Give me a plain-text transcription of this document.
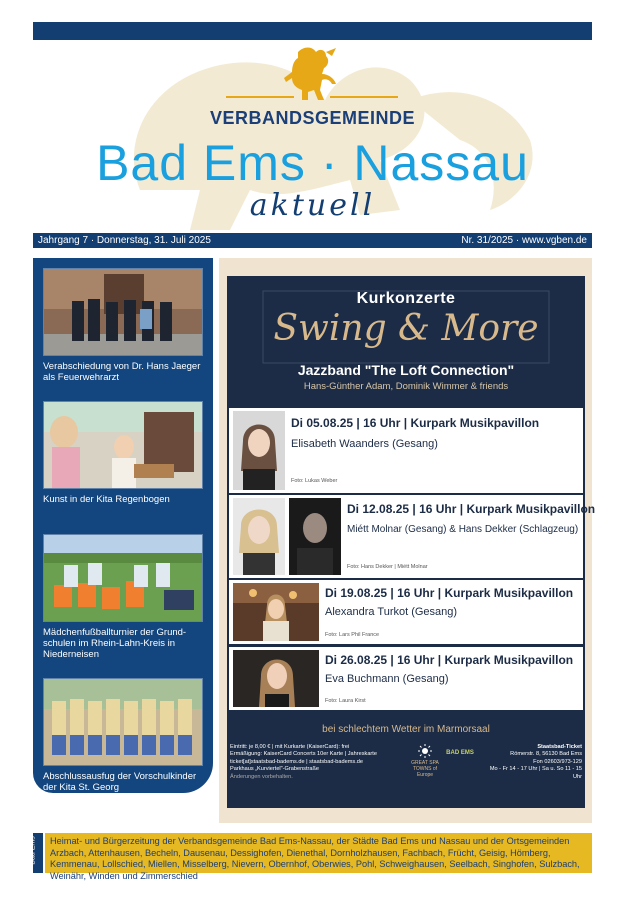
VERBANDSGEMEINDE
Bad Ems · Nassau
aktuell
Jahrgang 7 · Donnerstag, 31. Juli 2025	Nr. 31/2025 · www.vgben.de
Verabschiedung von Dr. Hans Jaeger als Feuerwehrarzt
Kunst in der Kita Regenbogen
Mädchenfußballturnier der Grund-schulen im Rhein-Lahn-Kreis in Niederneisen
Abschlussausfug der Vorschulkinder der Kita St. Georg
Kurkonzerte
Swing & More
Jazzband "The Loft Connection"
Hans-Günther Adam, Dominik Wimmer & friends
Di 05.08.25 | 16 Uhr | Kurpark Musikpavillon
Elisabeth Waanders (Gesang)
Foto: Lukas Weber
Di 12.08.25 | 16 Uhr | Kurpark Musikpavillon
Miétt Molnar (Gesang) & Hans Dekker (Schlagzeug)
Foto: Hans Dekker | Miétt Molnar
Di 19.08.25 | 16 Uhr | Kurpark Musikpavillon
Alexandra Turkot (Gesang)
Foto: Lars Phil France
Di 26.08.25 | 16 Uhr | Kurpark Musikpavillon
Eva Buchmann (Gesang)
Foto: Laura Kirst
bei schlechtem Wetter im Marmorsaal
Eintritt: je 8,00 € | mit Kurkarte (KaiserCard): frei
Ermäßigung: KaiserCard Concerts 10er Karte | Jahreskarte
ticket[at]staatsbad-badems.de | staatsbad-badems.de
Parkhaus „Kurviertel"-Grabenstraße
Änderungen vorbehalten.
GREAT SPA TOWNS of Europe
BAD EMS
Staatsbad-Ticket
Römerstr. 8, 56130 Bad Ems
Fon 02603/973-129
Mo - Fr 14 - 17 Uhr | Sa u. So 11 - 15 Uhr
Bad Ems	Heimat- und Bürgerzeitung der Verbandsgemeinde Bad Ems-Nassau, der Städte Bad Ems und Nassau und der Ortsgemeinden Arzbach, Attenhausen, Becheln, Dausenau, Dessighofen, Dienethal, Dornholzhausen, Fachbach, Frücht, Geisig, Hömberg, Kemmenau, Lollschied, Miellen, Misselberg, Nievern, Obernhof, Oberwies, Pohl, Schweighausen, Seelbach, Singhofen, Sulzbach, Weinähr, Winden und Zimmerschied
